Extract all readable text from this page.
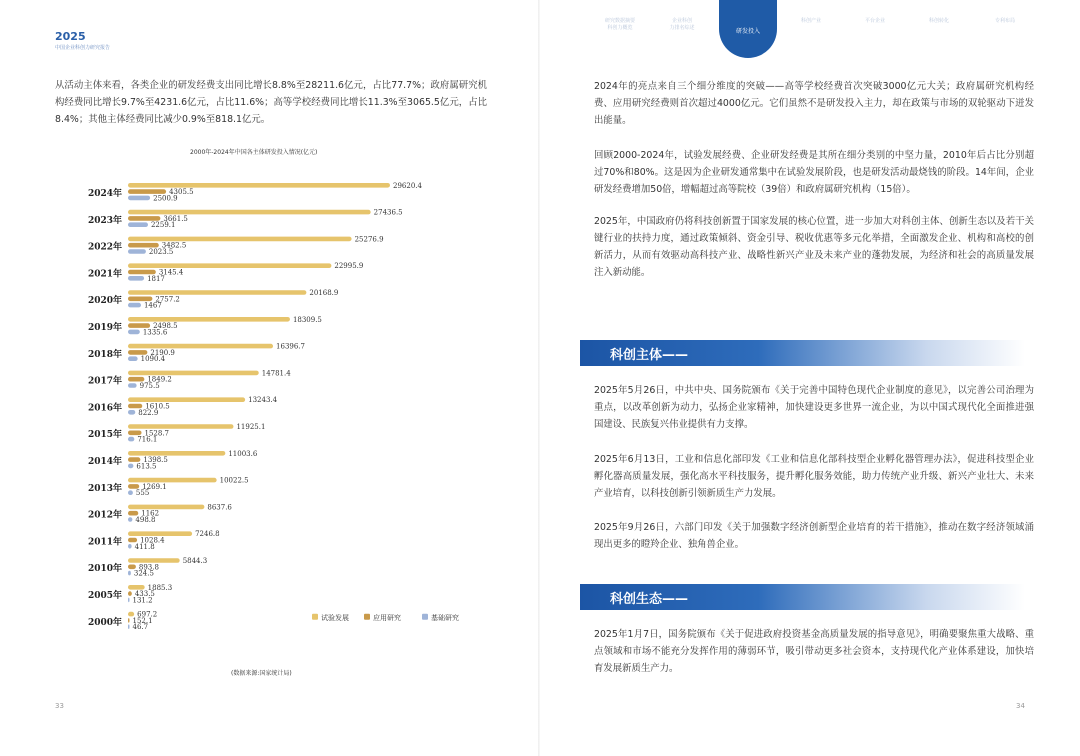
2025
中国企业科创力研究报告
从活动主体来看，各类企业的研发经费支出同比增长8.8%至28211.6亿元，占比77.7%；政府属研究机构经费同比增长9.7%至4231.6亿元，占比11.6%；高等学校经费同比增长11.3%至3065.5亿元，占比8.4%；其他主体经费同比减少0.9%至818.1亿元。
2000年-2024年中国各主体研发投入情况(亿元)
2024年
29620.4
4305.5
2500.9
2023年
27436.5
3661.5
2259.1
2022年
25276.9
3482.5
2023.5
2021年
22995.9
3145.4
1817
2020年
20168.9
2757.2
1467
2019年
18309.5
2498.5
1335.6
2018年
16396.7
2190.9
1090.4
2017年
14781.4
1849.2
975.5
2016年
13243.4
1610.5
822.9
2015年
11925.1
1528.7
716.1
2014年
11003.6
1398.5
613.5
2013年
10022.5
1269.1
555
2012年
8637.6
1162
498.8
2011年
7246.8
1028.4
411.8
2010年
5844.3
893.8
324.5
2005年
1885.3
433.5
131.2
2000年
697.2
152.1
46.7
试验发展	应用研究	基础研究
(数据来源:国家统计局)
33
研究数据摘要
科创力概览
企业科创
力排名综述	研发投入
科创产业	平台企业	科创转化	专利布局
2024年的亮点来自三个细分维度的突破——高等学校经费首次突破3000亿元大关；政府属研究机构经费、应用研究经费则首次超过4000亿元。它们虽然不是研发投入主力，却在政策与市场的双轮驱动下迸发出能量。
回顾2000-2024年，试验发展经费、企业研发经费是其所在细分类别的中坚力量，2010年后占比分别超过70%和80%。这是因为企业研发通常集中在试验发展阶段，也是研发活动最烧钱的阶段。14年间，企业研发经费增加50倍，增幅超过高等院校（39倍）和政府属研究机构（15倍）。
2025年，中国政府仍将科技创新置于国家发展的核心位置，进一步加大对科创主体、创新生态以及若干关键行业的扶持力度，通过政策倾斜、资金引导、税收优惠等多元化举措，全面激发企业、机构和高校的创新活力，从而有效驱动高科技产业、战略性新兴产业及未来产业的蓬勃发展，为经济和社会的高质量发展注入新动能。
科创主体——
2025年5月26日，中共中央、国务院颁布《关于完善中国特色现代企业制度的意见》，以完善公司治理为重点，以改革创新为动力，弘扬企业家精神，加快建设更多世界一流企业，为以中国式现代化全面推进强国建设、民族复兴伟业提供有力支撑。
2025年6月13日，工业和信息化部印发《工业和信息化部科技型企业孵化器管理办法》，促进科技型企业孵化器高质量发展，强化高水平科技服务，提升孵化服务效能，助力传统产业升级、新兴产业壮大、未来产业培育，以科技创新引领新质生产力发展。
2025年9月26日，六部门印发《关于加强数字经济创新型企业培育的若干措施》，推动在数字经济领域涌现出更多的瞪羚企业、独角兽企业。
科创生态——
2025年1月7日，国务院颁布《关于促进政府投资基金高质量发展的指导意见》，明确要聚焦重大战略、重点领域和市场不能充分发挥作用的薄弱环节，吸引带动更多社会资本，支持现代化产业体系建设，加快培育发展新质生产力。
34
